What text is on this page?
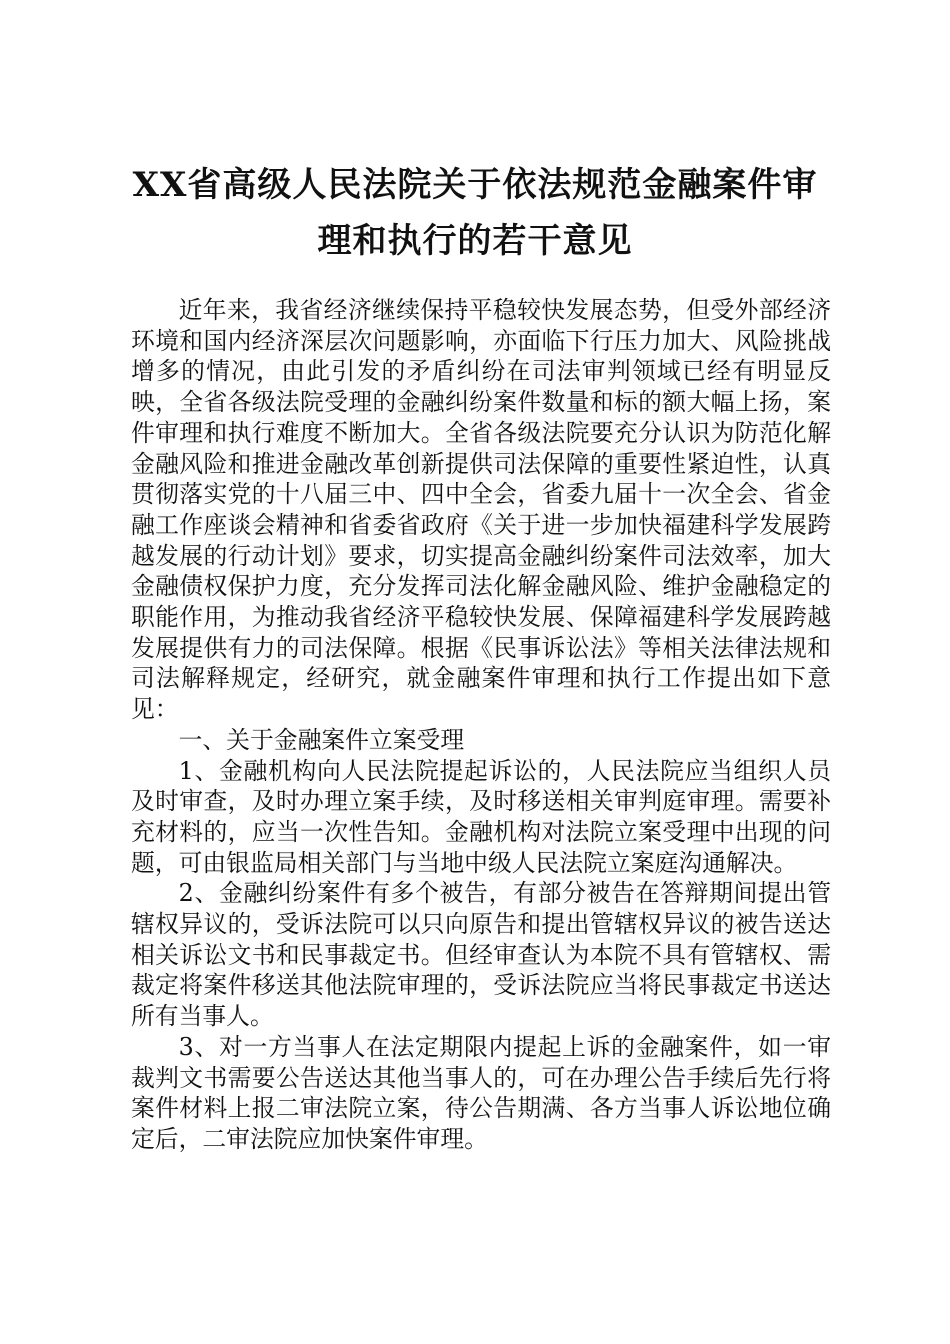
XX省高级人民法院关于依法规范金融案件审
理和执行的若干意见

近年来，我省经济继续保持平稳较快发展态势，但受外部经济环境和国内经济深层次问题影响，亦面临下行压力加大、风险挑战增多的情况，由此引发的矛盾纠纷在司法审判领域已经有明显反映，全省各级法院受理的金融纠纷案件数量和标的额大幅上扬，案件审理和执行难度不断加大。全省各级法院要充分认识为防范化解金融风险和推进金融改革创新提供司法保障的重要性紧迫性，认真贯彻落实党的十八届三中、四中全会，省委九届十一次全会、省金融工作座谈会精神和省委省政府《关于进一步加快福建科学发展跨越发展的行动计划》要求，切实提高金融纠纷案件司法效率，加大金融债权保护力度，充分发挥司法化解金融风险、维护金融稳定的职能作用，为推动我省经济平稳较快发展、保障福建科学发展跨越发展提供有力的司法保障。根据《民事诉讼法》等相关法律法规和司法解释规定，经研究，就金融案件审理和执行工作提出如下意见：

一、关于金融案件立案受理

1、金融机构向人民法院提起诉讼的，人民法院应当组织人员及时审查，及时办理立案手续，及时移送相关审判庭审理。需要补充材料的，应当一次性告知。金融机构对法院立案受理中出现的问题，可由银监局相关部门与当地中级人民法院立案庭沟通解决。

2、金融纠纷案件有多个被告，有部分被告在答辩期间提出管辖权异议的，受诉法院可以只向原告和提出管辖权异议的被告送达相关诉讼文书和民事裁定书。但经审查认为本院不具有管辖权、需裁定将案件移送其他法院审理的，受诉法院应当将民事裁定书送达所有当事人。

3、对一方当事人在法定期限内提起上诉的金融案件，如一审裁判文书需要公告送达其他当事人的，可在办理公告手续后先行将案件材料上报二审法院立案，待公告期满、各方当事人诉讼地位确定后，二审法院应加快案件审理。
